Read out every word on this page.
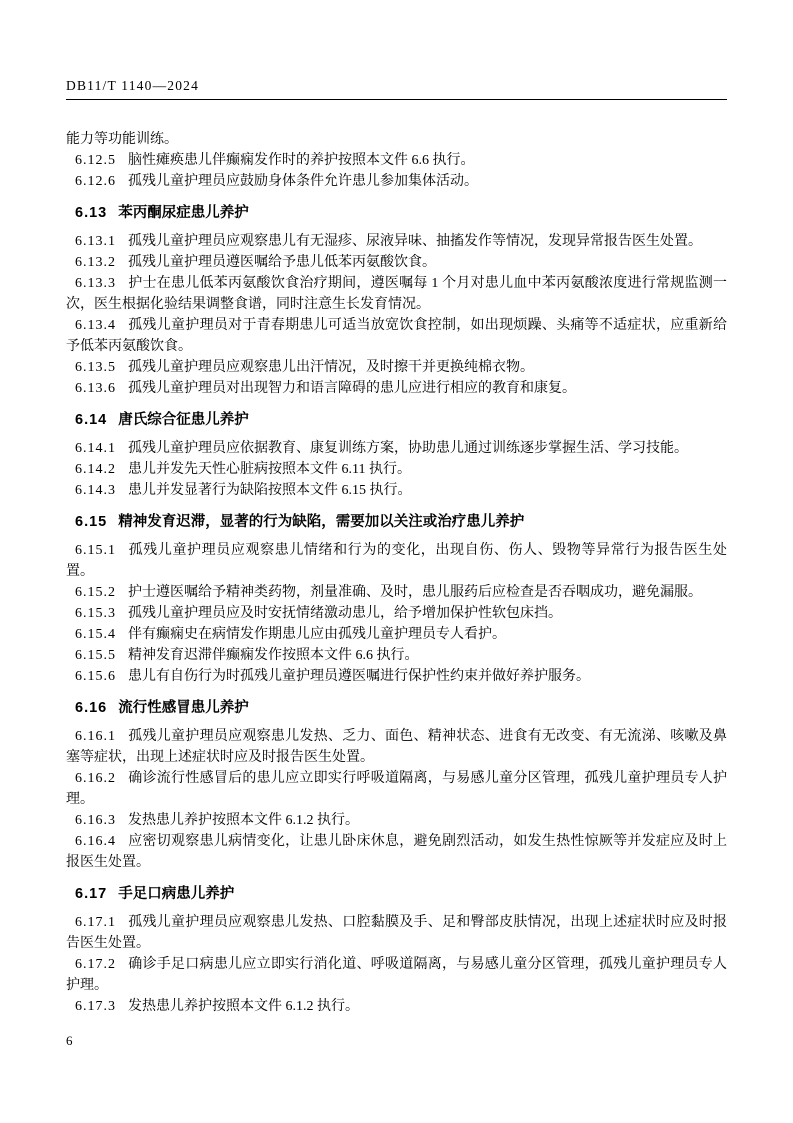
DB11/T 1140—2024

能力等功能训练。

6.12.5 脑性瘫痪患儿伴癫痫发作时的养护按照本文件 6.6 执行。

6.12.6 孤残儿童护理员应鼓励身体条件允许患儿参加集体活动。

6.13 苯丙酮尿症患儿养护

6.13.1 孤残儿童护理员应观察患儿有无湿疹、尿液异味、抽搐发作等情况，发现异常报告医生处置。

6.13.2 孤残儿童护理员遵医嘱给予患儿低苯丙氨酸饮食。

6.13.3 护士在患儿低苯丙氨酸饮食治疗期间，遵医嘱每 1 个月对患儿血中苯丙氨酸浓度进行常规监测一次，医生根据化验结果调整食谱，同时注意生长发育情况。

6.13.4 孤残儿童护理员对于青春期患儿可适当放宽饮食控制，如出现烦躁、头痛等不适症状，应重新给予低苯丙氨酸饮食。

6.13.5 孤残儿童护理员应观察患儿出汗情况，及时擦干并更换纯棉衣物。

6.13.6 孤残儿童护理员对出现智力和语言障碍的患儿应进行相应的教育和康复。

6.14 唐氏综合征患儿养护

6.14.1 孤残儿童护理员应依据教育、康复训练方案，协助患儿通过训练逐步掌握生活、学习技能。

6.14.2 患儿并发先天性心脏病按照本文件 6.11 执行。

6.14.3 患儿并发显著行为缺陷按照本文件 6.15 执行。

6.15 精神发育迟滞，显著的行为缺陷，需要加以关注或治疗患儿养护

6.15.1 孤残儿童护理员应观察患儿情绪和行为的变化，出现自伤、伤人、毁物等异常行为报告医生处置。

6.15.2 护士遵医嘱给予精神类药物，剂量准确、及时，患儿服药后应检查是否吞咽成功，避免漏服。

6.15.3 孤残儿童护理员应及时安抚情绪激动患儿，给予增加保护性软包床挡。

6.15.4 伴有癫痫史在病情发作期患儿应由孤残儿童护理员专人看护。

6.15.5 精神发育迟滞伴癫痫发作按照本文件 6.6 执行。

6.15.6 患儿有自伤行为时孤残儿童护理员遵医嘱进行保护性约束并做好养护服务。

6.16 流行性感冒患儿养护

6.16.1 孤残儿童护理员应观察患儿发热、乏力、面色、精神状态、进食有无改变、有无流涕、咳嗽及鼻塞等症状，出现上述症状时应及时报告医生处置。

6.16.2 确诊流行性感冒后的患儿应立即实行呼吸道隔离，与易感儿童分区管理，孤残儿童护理员专人护理。

6.16.3 发热患儿养护按照本文件 6.1.2 执行。

6.16.4 应密切观察患儿病情变化，让患儿卧床休息，避免剧烈活动，如发生热性惊厥等并发症应及时上报医生处置。

6.17 手足口病患儿养护

6.17.1 孤残儿童护理员应观察患儿发热、口腔黏膜及手、足和臀部皮肤情况，出现上述症状时应及时报告医生处置。

6.17.2 确诊手足口病患儿应立即实行消化道、呼吸道隔离，与易感儿童分区管理，孤残儿童护理员专人护理。

6.17.3 发热患儿养护按照本文件 6.1.2 执行。

6
